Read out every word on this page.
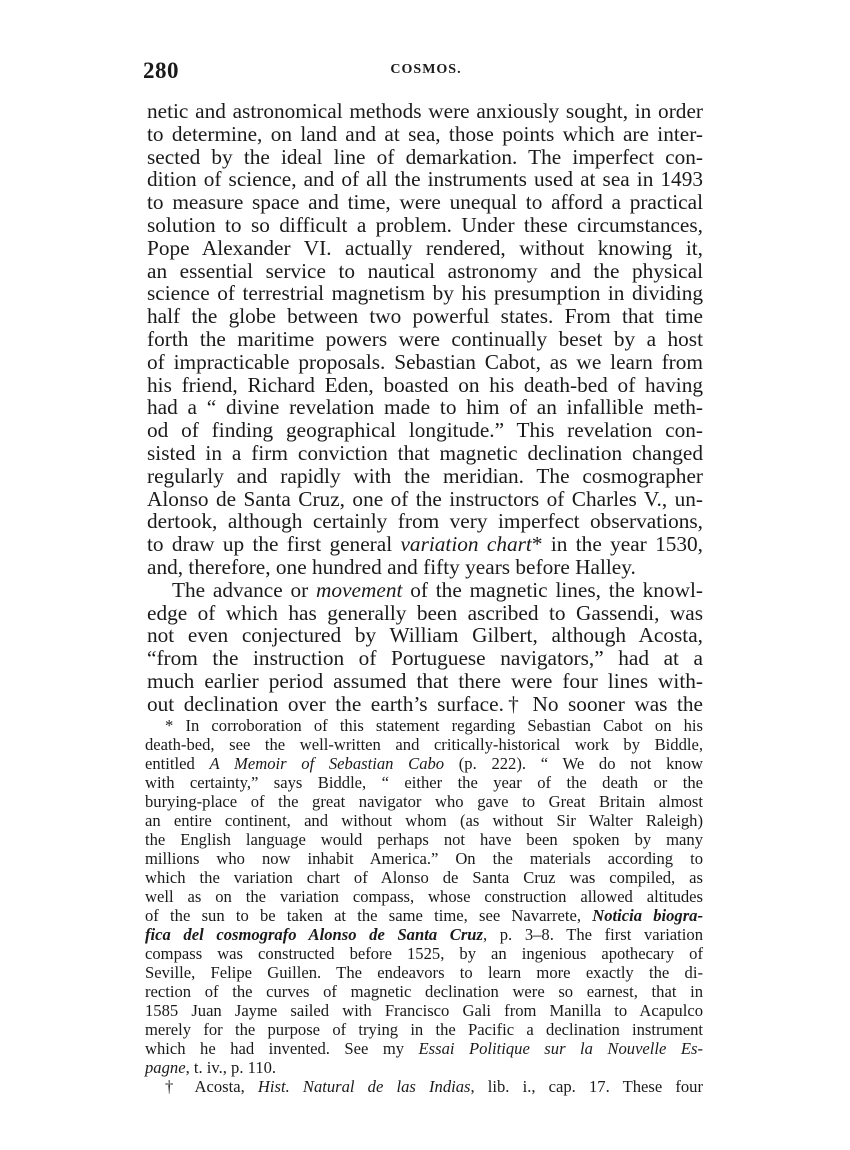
280	COSMOS.
netic and astronomical methods were anxiously sought, in order
to determine, on land and at sea, those points which are inter-
sected by the ideal line of demarkation. The imperfect con-
dition of science, and of all the instruments used at sea in 1493
to measure space and time, were unequal to afford a practical
solution to so difficult a problem. Under these circumstances,
Pope Alexander VI. actually rendered, without knowing it,
an essential service to nautical astronomy and the physical
science of terrestrial magnetism by his presumption in dividing
half the globe between two powerful states. From that time
forth the maritime powers were continually beset by a host
of impracticable proposals. Sebastian Cabot, as we learn from
his friend, Richard Eden, boasted on his death-bed of having
had a “ divine revelation made to him of an infallible meth-
od of finding geographical longitude.” This revelation con-
sisted in a firm conviction that magnetic declination changed
regularly and rapidly with the meridian. The cosmographer
Alonso de Santa Cruz, one of the instructors of Charles V., un-
dertook, although certainly from very imperfect observations,
to draw up the first general variation chart* in the year 1530,
and, therefore, one hundred and fifty years before Halley.
The advance or movement of the magnetic lines, the knowl-
edge of which has generally been ascribed to Gassendi, was
not even conjectured by William Gilbert, although Acosta,
“from the instruction of Portuguese navigators,” had at a
much earlier period assumed that there were four lines with-
out declination over the earth’s surface.† No sooner was the
* In corroboration of this statement regarding Sebastian Cabot on his
death-bed, see the well-written and critically-historical work by Biddle,
entitled A Memoir of Sebastian Cabo (p. 222). “ We do not know
with certainty,” says Biddle, “ either the year of the death or the
burying-place of the great navigator who gave to Great Britain almost
an entire continent, and without whom (as without Sir Walter Raleigh)
the English language would perhaps not have been spoken by many
millions who now inhabit America.” On the materials according to
which the variation chart of Alonso de Santa Cruz was compiled, as
well as on the variation compass, whose construction allowed altitudes
of the sun to be taken at the same time, see Navarrete, Noticia biogra-
fica del cosmografo Alonso de Santa Cruz, p. 3–8. The first variation
compass was constructed before 1525, by an ingenious apothecary of
Seville, Felipe Guillen. The endeavors to learn more exactly the di-
rection of the curves of magnetic declination were so earnest, that in
1585 Juan Jayme sailed with Francisco Gali from Manilla to Acapulco
merely for the purpose of trying in the Pacific a declination instrument
which he had invented. See my Essai Politique sur la Nouvelle Es-
pagne, t. iv., p. 110.
† Acosta, Hist. Natural de las Indias, lib. i., cap. 17. These four
